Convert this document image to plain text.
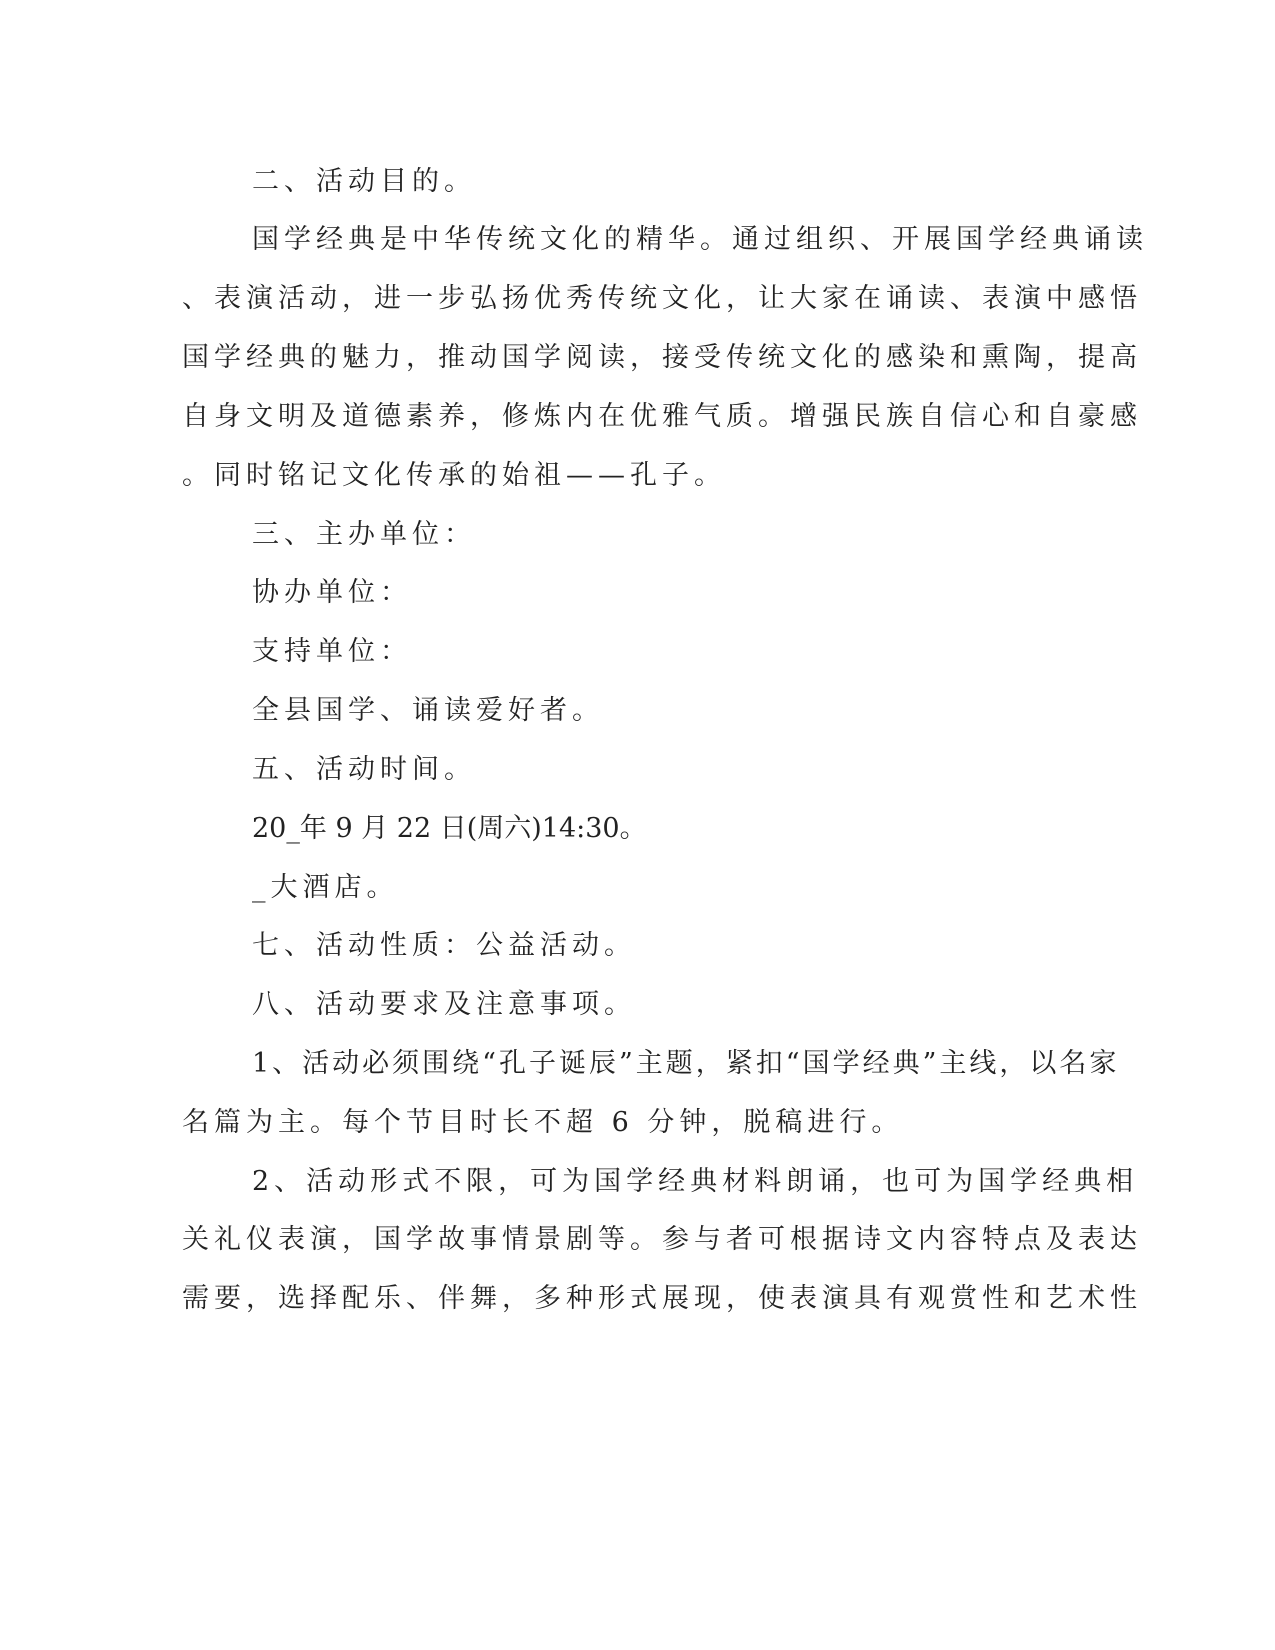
二、活动目的。
国学经典是中华传统文化的精华。通过组织、开展国学经典诵读
、表演活动，进一步弘扬优秀传统文化，让大家在诵读、表演中感悟
国学经典的魅力，推动国学阅读，接受传统文化的感染和熏陶，提高
自身文明及道德素养，修炼内在优雅气质。增强民族自信心和自豪感
。同时铭记文化传承的始祖——孔子。
三、主办单位：
协办单位：
支持单位：
全县国学、诵读爱好者。
五、活动时间。
20_年 9 月 22 日(周六)14:30。
_大酒店。
七、活动性质：公益活动。
八、活动要求及注意事项。
1、活动必须围绕“孔子诞辰”主题，紧扣“国学经典”主线，以名家
名篇为主。每个节目时长不超 6 分钟，脱稿进行。
2、活动形式不限，可为国学经典材料朗诵，也可为国学经典相
关礼仪表演，国学故事情景剧等。参与者可根据诗文内容特点及表达
需要，选择配乐、伴舞，多种形式展现，使表演具有观赏性和艺术性
